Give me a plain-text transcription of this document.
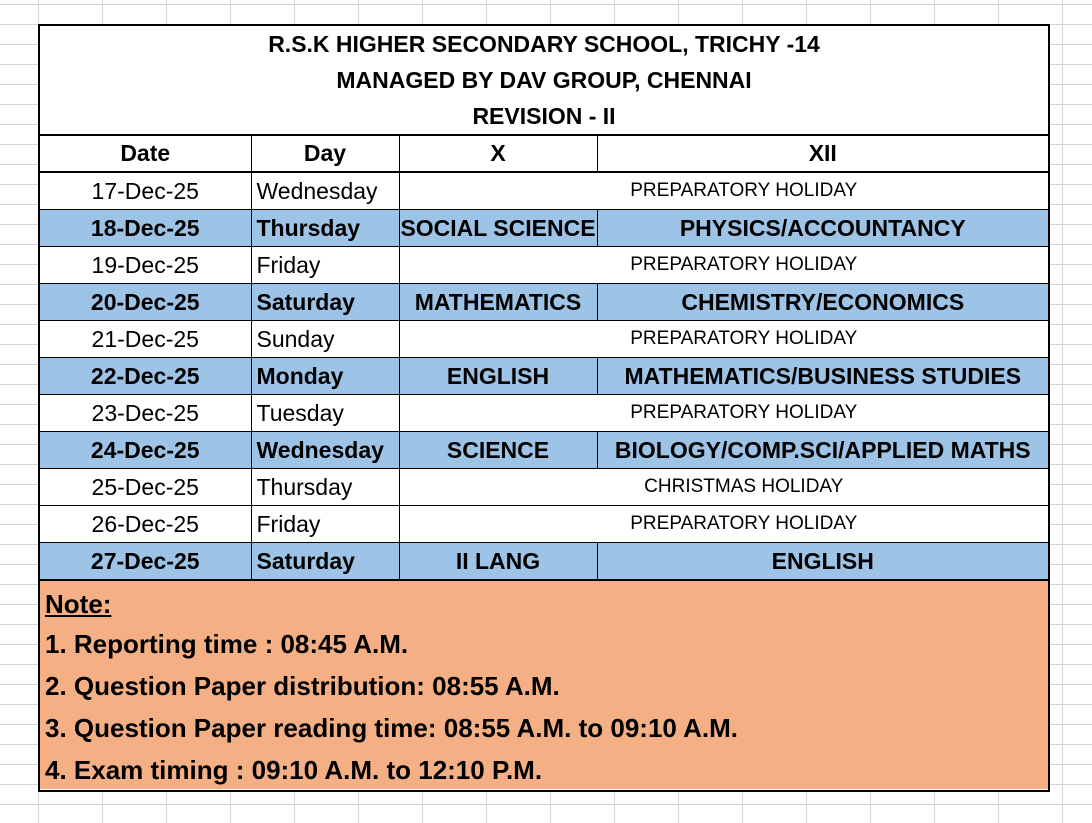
R.S.K HIGHER SECONDARY SCHOOL, TRICHY -14			
MANAGED BY DAV GROUP, CHENNAI			
REVISION - II			
Date	Day	X	XII
17-Dec-25	Wednesday	PREPARATORY HOLIDAY	
18-Dec-25	Thursday	SOCIAL SCIENCE	PHYSICS/ACCOUNTANCY
19-Dec-25	Friday	PREPARATORY HOLIDAY	
20-Dec-25	Saturday	MATHEMATICS	CHEMISTRY/ECONOMICS
21-Dec-25	Sunday	PREPARATORY HOLIDAY	
22-Dec-25	Monday	ENGLISH	MATHEMATICS/BUSINESS STUDIES
23-Dec-25	Tuesday	PREPARATORY HOLIDAY	
24-Dec-25	Wednesday	SCIENCE	BIOLOGY/COMP.SCI/APPLIED MATHS
25-Dec-25	Thursday	CHRISTMAS HOLIDAY	
26-Dec-25	Friday	PREPARATORY HOLIDAY	
27-Dec-25	Saturday	II LANG	ENGLISH
Note:
1. Reporting time : 08:45 A.M.
2. Question Paper distribution: 08:55 A.M.
3. Question Paper reading time: 08:55 A.M. to 09:10 A.M.
4. Exam timing : 09:10 A.M. to 12:10 P.M.
